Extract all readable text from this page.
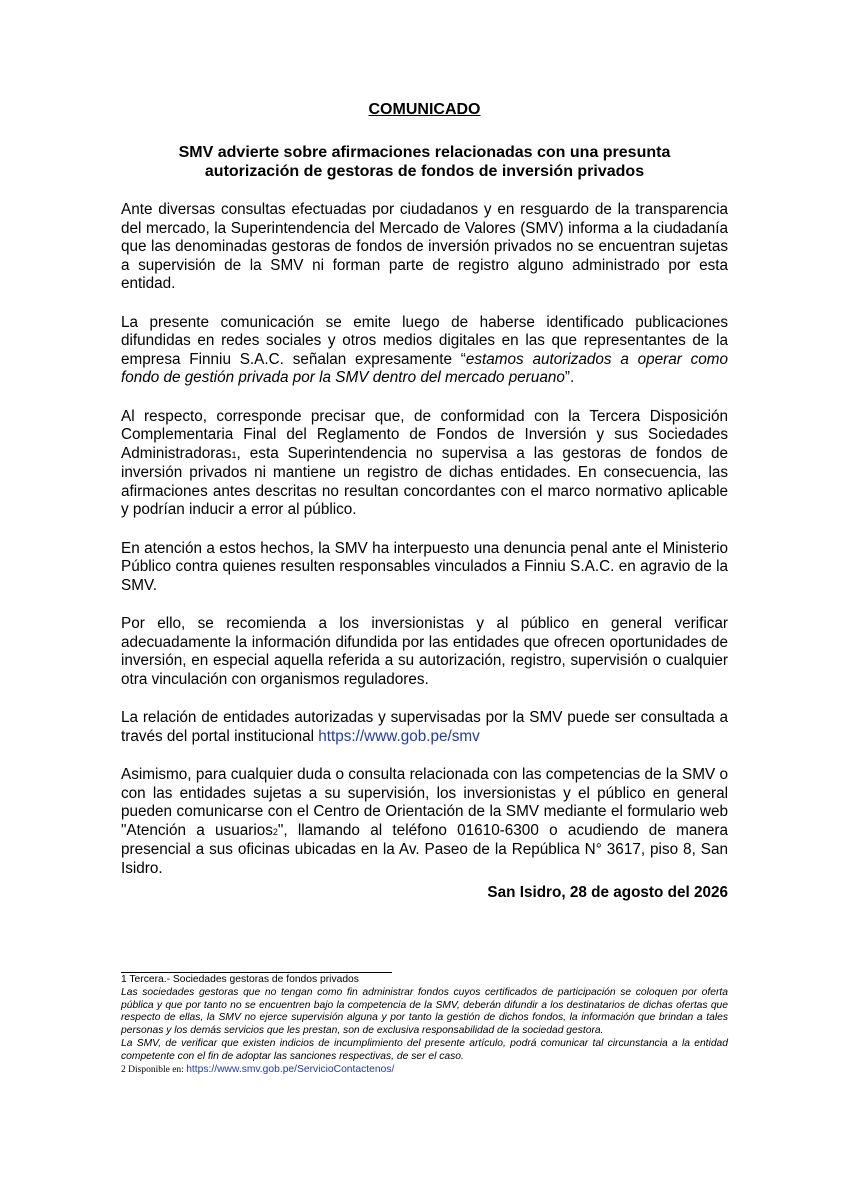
COMUNICADO
SMV advierte sobre afirmaciones relacionadas con una presunta
autorización de gestoras de fondos de inversión privados

Ante diversas consultas efectuadas por ciudadanos y en resguardo de la transparencia del mercado, la Superintendencia del Mercado de Valores (SMV) informa a la ciudadanía que las denominadas gestoras de fondos de inversión privados no se encuentran sujetas a supervisión de la SMV ni forman parte de registro alguno administrado por esta entidad.

La presente comunicación se emite luego de haberse identificado publicaciones difundidas en redes sociales y otros medios digitales en las que representantes de la empresa Finniu S.A.C. señalan expresamente “estamos autorizados a operar como fondo de gestión privada por la SMV dentro del mercado peruano”.

Al respecto, corresponde precisar que, de conformidad con la Tercera Disposición Complementaria Final del Reglamento de Fondos de Inversión y sus Sociedades Administradoras1, esta Superintendencia no supervisa a las gestoras de fondos de inversión privados ni mantiene un registro de dichas entidades. En consecuencia, las afirmaciones antes descritas no resultan concordantes con el marco normativo aplicable y podrían inducir a error al público.

En atención a estos hechos, la SMV ha interpuesto una denuncia penal ante el Ministerio Público contra quienes resulten responsables vinculados a Finniu S.A.C. en agravio de la SMV.

Por ello, se recomienda a los inversionistas y al público en general verificar adecuadamente la información difundida por las entidades que ofrecen oportunidades de inversión, en especial aquella referida a su autorización, registro, supervisión o cualquier otra vinculación con organismos reguladores.

La relación de entidades autorizadas y supervisadas por la SMV puede ser consultada a través del portal institucional https://www.gob.pe/smv

Asimismo, para cualquier duda o consulta relacionada con las competencias de la SMV o con las entidades sujetas a su supervisión, los inversionistas y el público en general pueden comunicarse con el Centro de Orientación de la SMV mediante el formulario web "Atención a usuarios2", llamando al teléfono 01610-6300 o acudiendo de manera presencial a sus oficinas ubicadas en la Av. Paseo de la República N° 3617, piso 8, San Isidro.

San Isidro, 28 de agosto del 2026

1 Tercera.- Sociedades gestoras de fondos privados

Las sociedades gestoras que no tengan como fin administrar fondos cuyos certificados de participación se coloquen por oferta pública y que por tanto no se encuentren bajo la competencia de la SMV, deberán difundir a los destinatarios de dichas ofertas que respecto de ellas, la SMV no ejerce supervisión alguna y por tanto la gestión de dichos fondos, la información que brindan a tales personas y los demás servicios que les prestan, son de exclusiva responsabilidad de la sociedad gestora.

La SMV, de verificar que existen indicios de incumplimiento del presente artículo, podrá comunicar tal circunstancia a la entidad competente con el fin de adoptar las sanciones respectivas, de ser el caso.

2 Disponible en: https://www.smv.gob.pe/ServicioContactenos/
